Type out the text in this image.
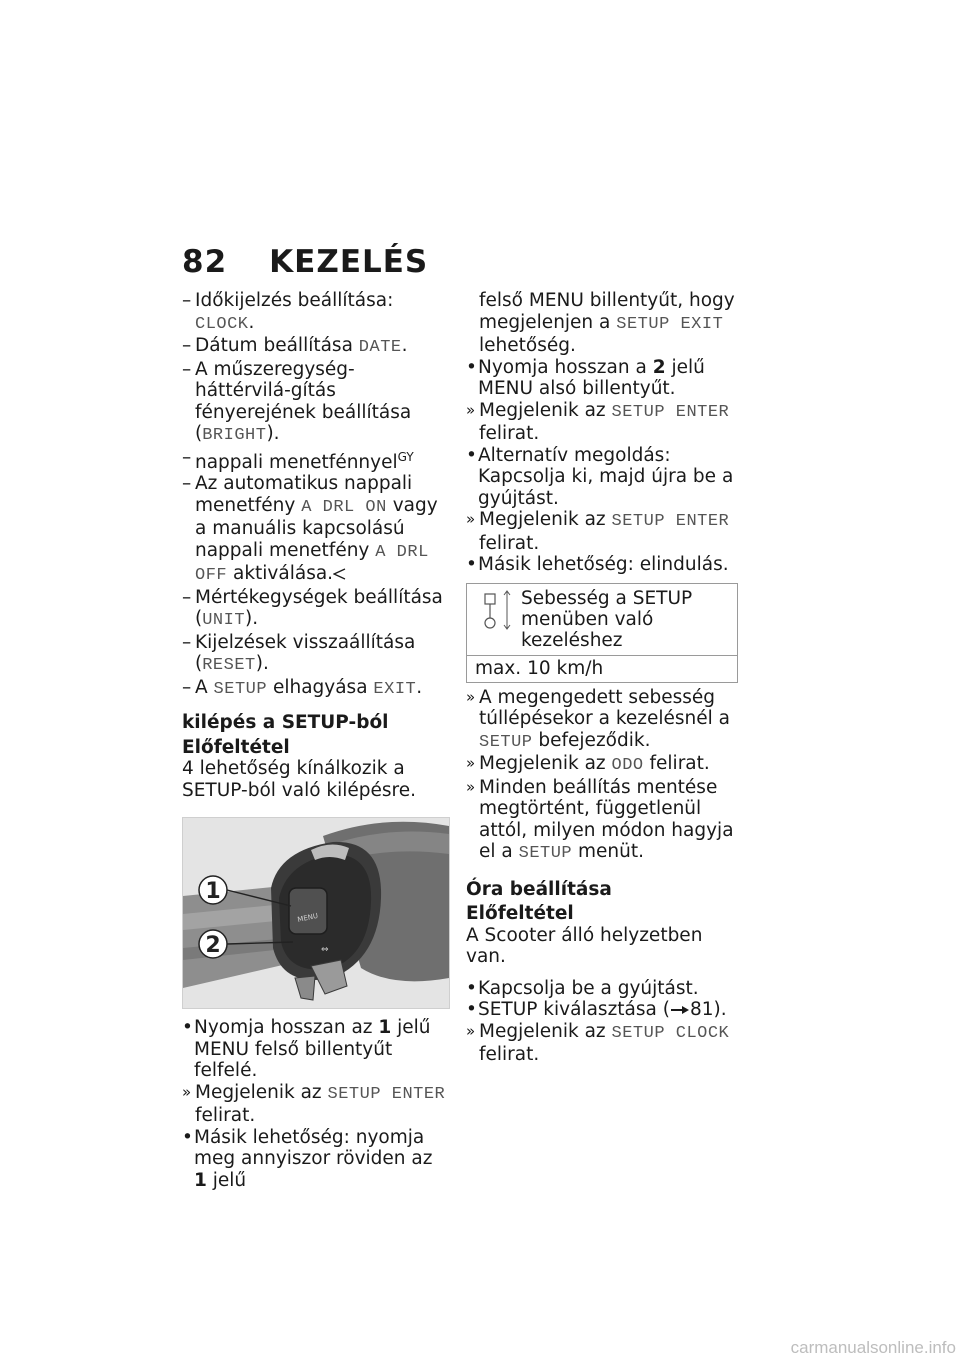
82 KEZELÉS
– Időkijelzés beállítása: CLOCK.
– Dátum beállítása DATE.
– A műszeregység-háttérvilá-gítás fényerejének beállítása (BRIGHT).
– nappali menetfénnyel$^{GY}$
– Az automatikus nappali menetfény A DRL ON vagy a manuális kapcsolású nappali menetfény A DRL OFF aktiválása.
– Mértékegységek beállítása (UNIT).
– Kijelzések visszaállítása (RESET).
– A SETUP elhagyása EXIT.
kilépés a SETUP-ból
Előfeltétel

4 lehetőség kínálkozik a SETUP-ból való kilépésre.

MENU
⇔
1
2
• Nyomja hosszan az 1 jelű MENU felső billentyűt felfelé.
» Megjelenik az SETUP ENTER felirat.
• Másik lehetőség: nyomja meg annyiszor röviden az 1 jelű
felső MENU billentyűt, hogy megjelenjen a SETUP EXIT lehetőség.
• Nyomja hosszan a 2 jelű MENU alsó billentyűt.
» Megjelenik az SETUP ENTER felirat.
• Alternatív megoldás: Kapcsolja ki, majd újra be a gyújtást.
» Megjelenik az SETUP ENTER felirat.
• Másik lehetőség: elindulás.
Sebesség a SETUP menüben való kezeléshez
max. 10 km/h
» A megengedett sebesség túllépésekor a kezelésnél a SETUP befejeződik.
» Megjelenik az ODO felirat.
» Minden beállítás mentése megtörtént, függetlenül attól, milyen módon hagyja el a SETUP menüt.
Óra beállítása
Előfeltétel

A Scooter álló helyzetben van.

• Kapcsolja be a gyújtást.
• SETUP kiválasztása ( 81).
» Megjelenik az SETUP CLOCK felirat.
carmanualsonline.info
